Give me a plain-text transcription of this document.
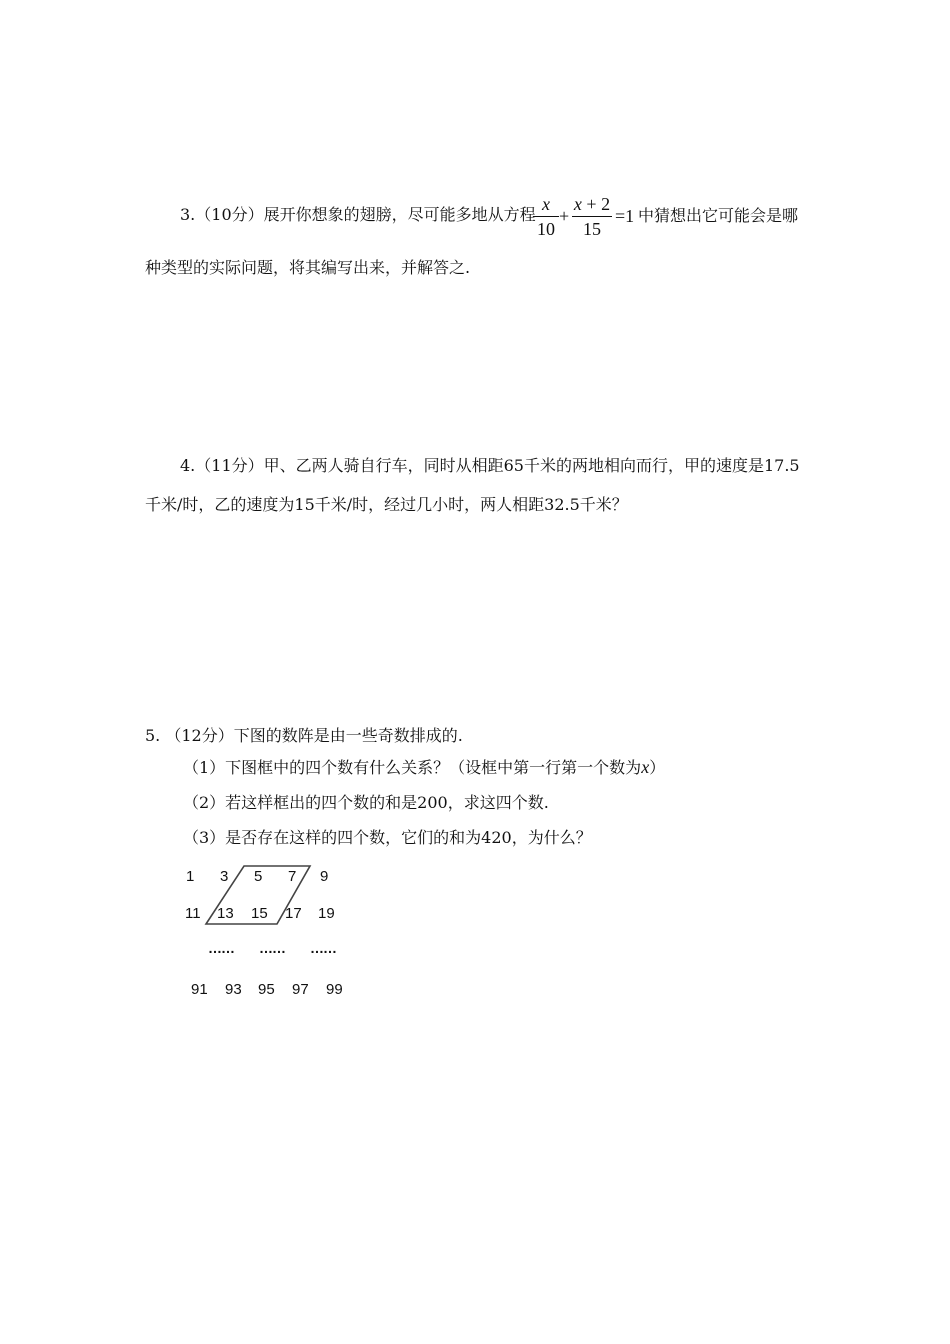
3.（10分）展开你想象的翅膀，尽可能多地从方程
x
10
+
x + 2
15
=1 中猜想出它可能会是哪
种类型的实际问题，将其编写出来，并解答之.
4.（11分）甲、乙两人骑自行车，同时从相距65千米的两地相向而行，甲的速度是17.5
千米/时，乙的速度为15千米/时，经过几小时，两人相距32.5千米？
5. （12分）下图的数阵是由一些奇数排成的.
（1）下图框中的四个数有什么关系？（设框中第一行第一个数为x）
（2）若这样框出的四个数的和是200，求这四个数.
（3）是否存在这样的四个数，它们的和为420，为什么？
1 3 5 7 9
11 13 15 17 19
…… …… ……
91 93 95 97 99
